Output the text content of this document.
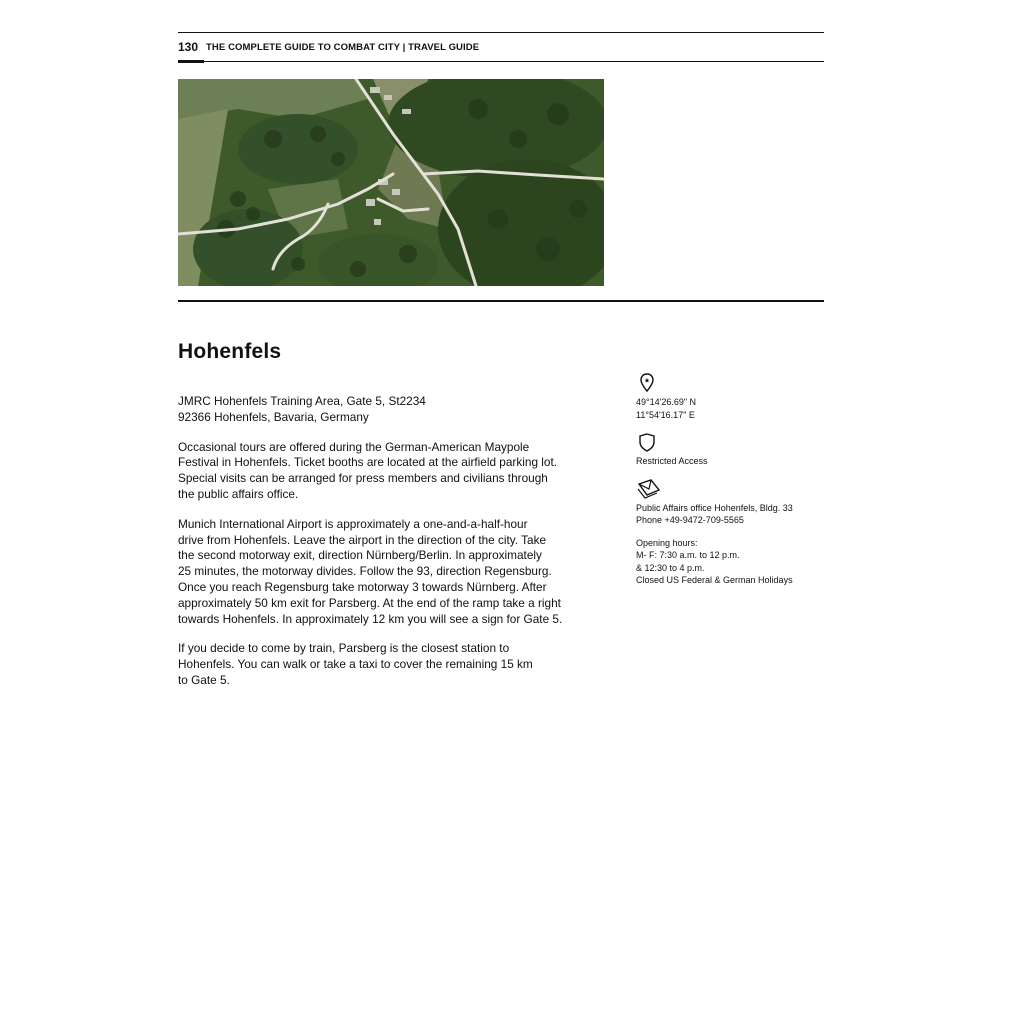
130 THE COMPLETE GUIDE TO COMBAT CITY | TRAVEL GUIDE
Hohenfels

JMRC Hohenfels Training Area, Gate 5, St2234
92366 Hohenfels, Bavaria, Germany

Occasional tours are offered during the German-American Maypole
Festival in Hohenfels. Ticket booths are located at the airfield parking lot.
Special visits can be arranged for press members and civilians through
the public affairs office.

Munich International Airport is approximately a one-and-a-half-hour
drive from Hohenfels. Leave the airport in the direction of the city. Take
the second motorway exit, direction Nürnberg/Berlin. In approximately
25 minutes, the motorway divides. Follow the 93, direction Regensburg.
Once you reach Regensburg take motorway 3 towards Nürnberg. After
approximately 50 km exit for Parsberg. At the end of the ramp take a right
towards Hohenfels. In approximately 12 km you will see a sign for Gate 5.

If you decide to come by train, Parsberg is the closest station to
Hohenfels. You can walk or take a taxi to cover the remaining 15 km
to Gate 5.

49°14'26.69" N
11°54'16.17" E
Restricted Access
Public Affairs office Hohenfels, Bldg. 33
Phone +49-9472-709-5565
Opening hours:
M- F: 7:30 a.m. to 12 p.m.
& 12:30 to 4 p.m.
Closed US Federal & German Holidays
